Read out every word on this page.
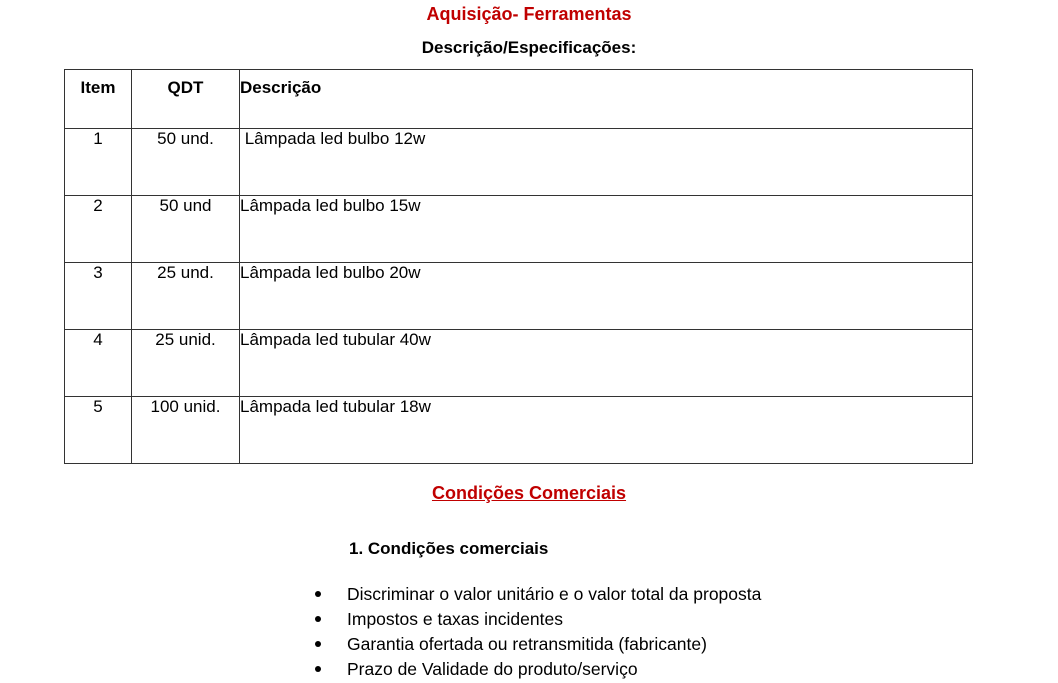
Aquisição- Ferramentas
Descrição/Especificações:
Item	QDT	Descrição
1	50 und.	Lâmpada led bulbo 12w
2	50 und	Lâmpada led bulbo 15w
3	25 und.	Lâmpada led bulbo 20w
4	25 unid.	Lâmpada led tubular 40w
5	100 unid.	Lâmpada led tubular 18w
Condições Comerciais
1. Condições comerciais
Discriminar o valor unitário e o valor total da proposta
Impostos e taxas incidentes
Garantia ofertada ou retransmitida (fabricante)
Prazo de Validade do produto/serviço
